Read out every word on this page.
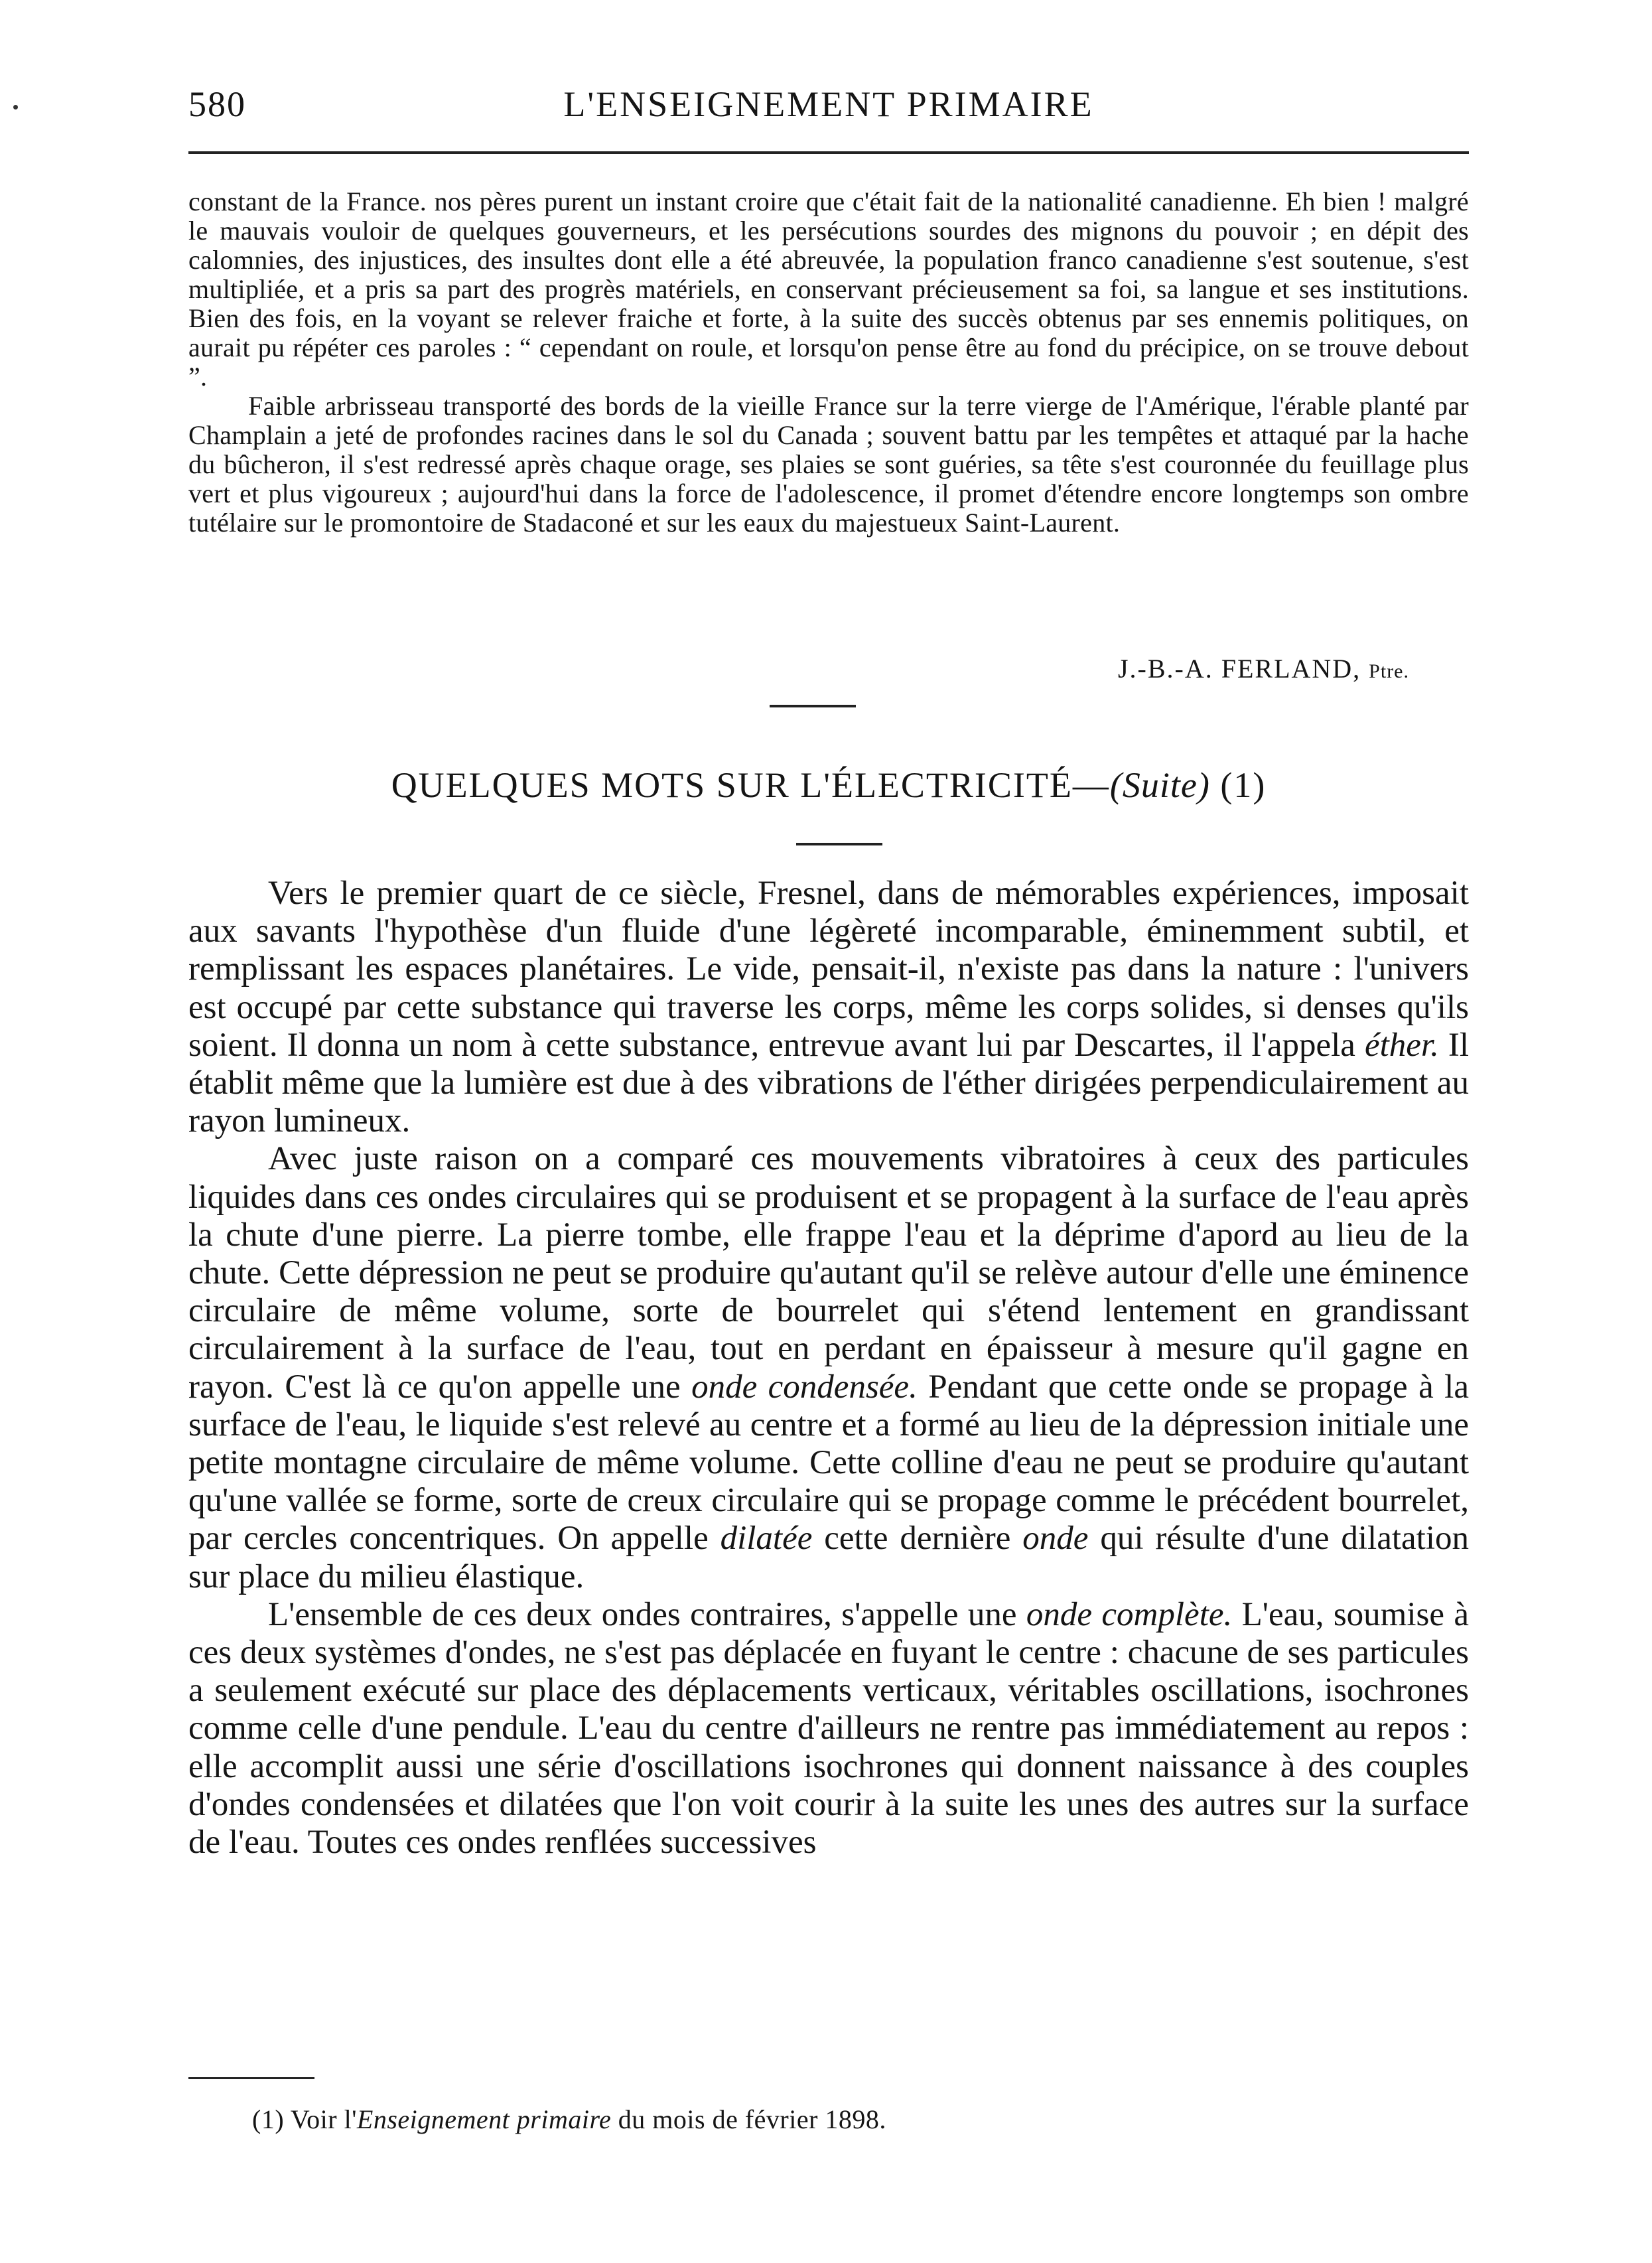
580	L'ENSEIGNEMENT PRIMAIRE

constant de la France. nos pères purent un instant croire que c'était fait de la nationalité canadienne. Eh bien ! malgré le mauvais vouloir de quelques gouverneurs, et les persécutions sourdes des mignons du pouvoir ; en dépit des calomnies, des injustices, des insultes dont elle a été abreuvée, la population franco canadienne s'est soutenue, s'est multipliée, et a pris sa part des progrès matériels, en conservant précieusement sa foi, sa langue et ses institutions. Bien des fois, en la voyant se relever fraiche et forte, à la suite des succès obtenus par ses ennemis politiques, on aurait pu répéter ces paroles : “ cependant on roule, et lorsqu'on pense être au fond du précipice, on se trouve debout ”.

Faible arbrisseau transporté des bords de la vieille France sur la terre vierge de l'Amérique, l'érable planté par Champlain a jeté de profondes racines dans le sol du Canada ; souvent battu par les tempêtes et attaqué par la hache du bûcheron, il s'est redressé après chaque orage, ses plaies se sont guéries, sa tête s'est couronnée du feuillage plus vert et plus vigoureux ; aujourd'hui dans la force de l'adolescence, il promet d'étendre encore longtemps son ombre tutélaire sur le promontoire de Stadaconé et sur les eaux du majestueux Saint-Laurent.

J.-B.-A. FERLAND, Ptre.
QUELQUES MOTS SUR L'ÉLECTRICITÉ—(Suite) (1)

Vers le premier quart de ce siècle, Fresnel, dans de mémorables expériences, imposait aux savants l'hypothèse d'un fluide d'une légèreté incomparable, éminemment subtil, et remplissant les espaces planétaires. Le vide, pensait-il, n'existe pas dans la nature : l'univers est occupé par cette substance qui traverse les corps, même les corps solides, si denses qu'ils soient. Il donna un nom à cette substance, entrevue avant lui par Descartes, il l'appela éther. Il établit même que la lumière est due à des vibrations de l'éther dirigées perpendiculairement au rayon lumineux.

Avec juste raison on a comparé ces mouvements vibratoires à ceux des particules liquides dans ces ondes circulaires qui se produisent et se propagent à la surface de l'eau après la chute d'une pierre. La pierre tombe, elle frappe l'eau et la déprime d'apord au lieu de la chute. Cette dépression ne peut se produire qu'autant qu'il se relève autour d'elle une éminence circulaire de même volume, sorte de bourrelet qui s'étend lentement en grandissant circulairement à la surface de l'eau, tout en perdant en épaisseur à mesure qu'il gagne en rayon. C'est là ce qu'on appelle une onde condensée. Pendant que cette onde se propage à la surface de l'eau, le liquide s'est relevé au centre et a formé au lieu de la dépression initiale une petite montagne circulaire de même volume. Cette colline d'eau ne peut se produire qu'autant qu'une vallée se forme, sorte de creux circulaire qui se propage comme le précédent bourrelet, par cercles concentriques. On appelle dilatée cette dernière onde qui résulte d'une dilatation sur place du milieu élastique.

L'ensemble de ces deux ondes contraires, s'appelle une onde complète. L'eau, soumise à ces deux systèmes d'ondes, ne s'est pas déplacée en fuyant le centre : chacune de ses particules a seulement exécuté sur place des déplacements verticaux, véritables oscillations, isochrones comme celle d'une pendule. L'eau du centre d'ailleurs ne rentre pas immédiatement au repos : elle accomplit aussi une série d'oscillations isochrones qui donnent naissance à des couples d'ondes condensées et dilatées que l'on voit courir à la suite les unes des autres sur la surface de l'eau. Toutes ces ondes renflées successives

(1) Voir l'Enseignement primaire du mois de février 1898.
